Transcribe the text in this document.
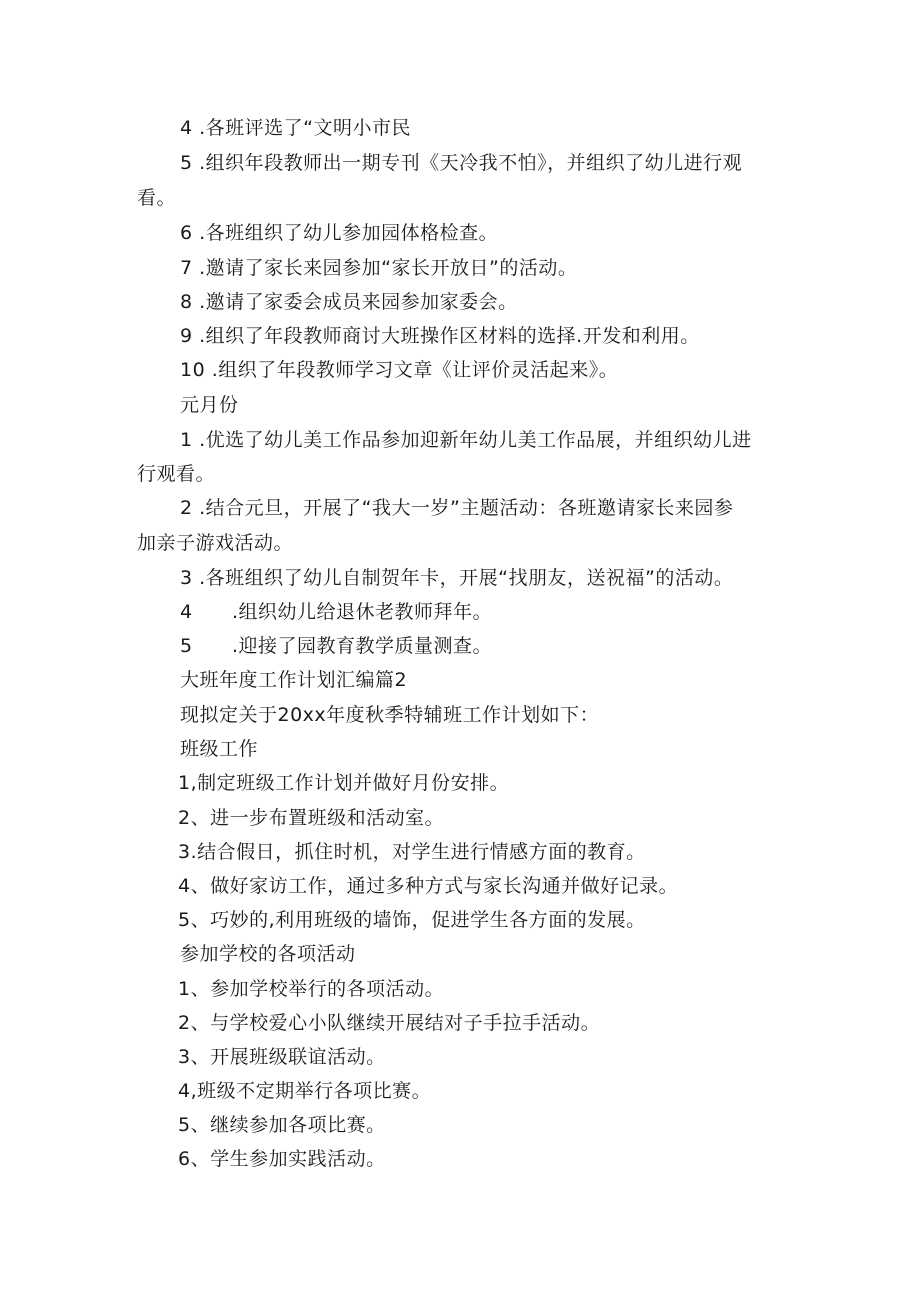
4 .各班评选了“文明小市民
5 .组织年段教师出一期专刊《天冷我不怕》，并组织了幼儿进行观
看。
6 .各班组织了幼儿参加园体格检查。
7 .邀请了家长来园参加“家长开放日”的活动。
8 .邀请了家委会成员来园参加家委会。
9 .组织了年段教师商讨大班操作区材料的选择.开发和利用。
10 .组织了年段教师学习文章《让评价灵活起来》。
元月份
1 .优选了幼儿美工作品参加迎新年幼儿美工作品展，并组织幼儿进
行观看。
2 .结合元旦，开展了“我大一岁”主题活动：各班邀请家长来园参
加亲子游戏活动。
3 .各班组织了幼儿自制贺年卡，开展“找朋友，送祝福”的活动。
4 .组织幼儿给退休老教师拜年。
5 .迎接了园教育教学质量测查。
大班年度工作计划汇编篇2
现拟定关于20xx年度秋季特辅班工作计划如下：
班级工作
1,制定班级工作计划并做好月份安排。
2、进一步布置班级和活动室。
3.结合假日，抓住时机，对学生进行情感方面的教育。
4、做好家访工作，通过多种方式与家长沟通并做好记录。
5、巧妙的,利用班级的墙饰，促进学生各方面的发展。
参加学校的各项活动
1、参加学校举行的各项活动。
2、与学校爱心小队继续开展结对子手拉手活动。
3、开展班级联谊活动。
4,班级不定期举行各项比赛。
5、继续参加各项比赛。
6、学生参加实践活动。
